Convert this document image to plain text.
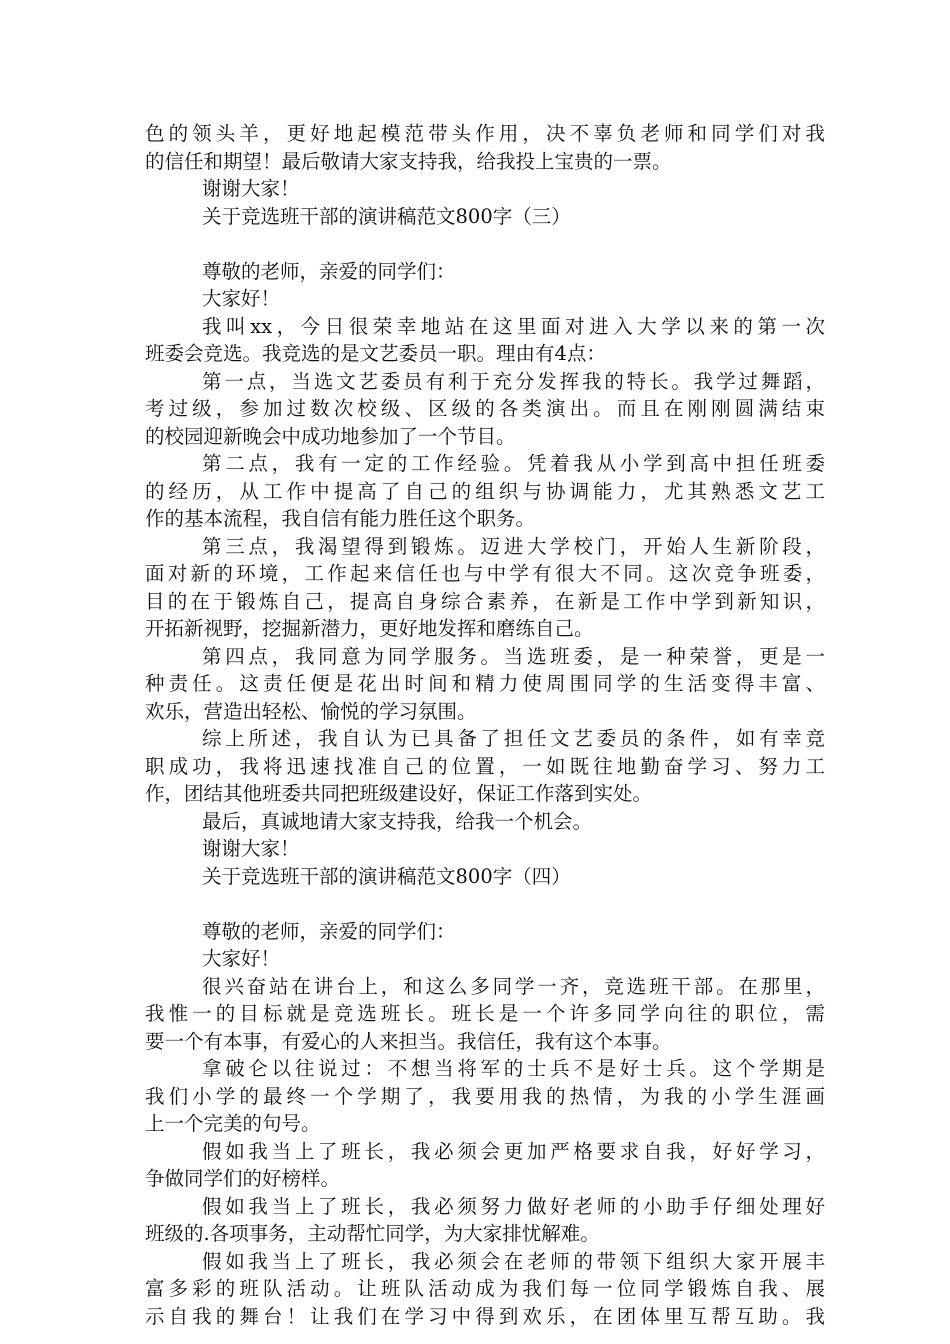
色的领头羊，更好地起模范带头作用，决不辜负老师和同学们对我
的信任和期望！最后敬请大家支持我，给我投上宝贵的一票。
谢谢大家！
关于竞选班干部的演讲稿范文800字（三）
尊敬的老师，亲爱的同学们：
大家好！
我叫xx，今日很荣幸地站在这里面对进入大学以来的第一次
班委会竞选。我竞选的是文艺委员一职。理由有4点：
第一点，当选文艺委员有利于充分发挥我的特长。我学过舞蹈，
考过级，参加过数次校级、区级的各类演出。而且在刚刚圆满结束
的校园迎新晚会中成功地参加了一个节目。
第二点，我有一定的工作经验。凭着我从小学到高中担任班委
的经历，从工作中提高了自己的组织与协调能力，尤其熟悉文艺工
作的基本流程，我自信有能力胜任这个职务。
第三点，我渴望得到锻炼。迈进大学校门，开始人生新阶段，
面对新的环境，工作起来信任也与中学有很大不同。这次竞争班委，
目的在于锻炼自己，提高自身综合素养，在新是工作中学到新知识，
开拓新视野，挖掘新潜力，更好地发挥和磨练自己。
第四点，我同意为同学服务。当选班委，是一种荣誉，更是一
种责任。这责任便是花出时间和精力使周围同学的生活变得丰富、
欢乐，营造出轻松、愉悦的学习氛围。
综上所述，我自认为已具备了担任文艺委员的条件，如有幸竞
职成功，我将迅速找准自己的位置，一如既往地勤奋学习、努力工
作，团结其他班委共同把班级建设好，保证工作落到实处。
最后，真诚地请大家支持我，给我一个机会。
谢谢大家！
关于竞选班干部的演讲稿范文800字（四）
尊敬的老师，亲爱的同学们：
大家好！
很兴奋站在讲台上，和这么多同学一齐，竞选班干部。在那里，
我惟一的目标就是竞选班长。班长是一个许多同学向往的职位，需
要一个有本事，有爱心的人来担当。我信任，我有这个本事。
拿破仑以往说过：不想当将军的士兵不是好士兵。这个学期是
我们小学的最终一个学期了，我要用我的热情，为我的小学生涯画
上一个完美的句号。
假如我当上了班长，我必须会更加严格要求自我，好好学习，
争做同学们的好榜样。
假如我当上了班长，我必须努力做好老师的小助手仔细处理好
班级的.各项事务，主动帮忙同学，为大家排忧解难。
假如我当上了班长，我必须会在老师的带领下组织大家开展丰
富多彩的班队活动。让班队活动成为我们每一位同学锻炼自我、展
示自我的舞台！让我们在学习中得到欢乐，在团体里互帮互助。我
